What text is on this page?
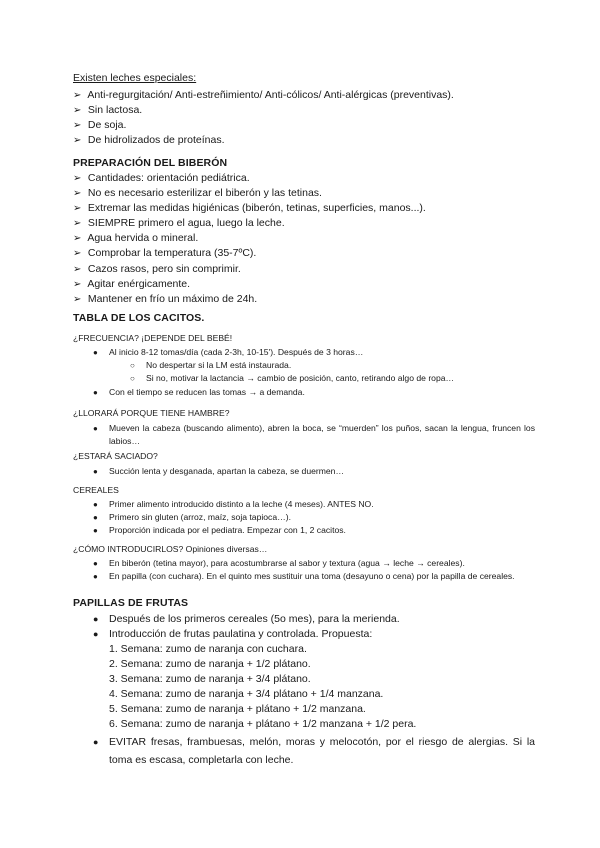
Existen leches especiales:
➢ Anti-regurgitación/ Anti-estreñimiento/ Anti-cólicos/ Anti-alérgicas (preventivas).
➢ Sin lactosa.
➢ De soja.
➢ De hidrolizados de proteínas.
PREPARACIÓN DEL BIBERÓN
➢ Cantidades: orientación pediátrica.
➢ No es necesario esterilizar el biberón y las tetinas.
➢ Extremar las medidas higiénicas (biberón, tetinas, superficies, manos...).
➢ SIEMPRE primero el agua, luego la leche.
➢ Agua hervida o mineral.
➢ Comprobar la temperatura (35-7ºC).
➢ Cazos rasos, pero sin comprimir.
➢ Agitar enérgicamente.
➢ Mantener en frío un máximo de 24h.
TABLA DE LOS CACITOS.
¿FRECUENCIA? ¡DEPENDE DEL BEBÉ!
● Al inicio 8-12 tomas/día (cada 2-3h, 10-15'). Después de 3 horas…
○ No despertar si la LM está instaurada.
○ Si no, motivar la lactancia → cambio de posición, canto, retirando algo de ropa…
● Con el tiempo se reducen las tomas → a demanda.
¿LLORARÁ PORQUE TIENE HAMBRE?
● Mueven la cabeza (buscando alimento), abren la boca, se “muerden” los puños, sacan la lengua, fruncen los labios…
¿ESTARÁ SACIADO?
● Succión lenta y desganada, apartan la cabeza, se duermen…
CEREALES
● Primer alimento introducido distinto a la leche (4 meses). ANTES NO.
● Primero sin gluten (arroz, maíz, soja tapioca…).
● Proporción indicada por el pediatra. Empezar con 1, 2 cacitos.
¿CÓMO INTRODUCIRLOS? Opiniones diversas…
● En biberón (tetina mayor), para acostumbrarse al sabor y textura (agua → leche → cereales).
● En papilla (con cuchara). En el quinto mes sustituir una toma (desayuno o cena) por la papilla de cereales.
PAPILLAS DE FRUTAS
● Después de los primeros cereales (5o mes), para la merienda.
● Introducción de frutas paulatina y controlada. Propuesta:
1. Semana: zumo de naranja con cuchara.
2. Semana: zumo de naranja + 1/2 plátano.
3. Semana: zumo de naranja + 3/4 plátano.
4. Semana: zumo de naranja + 3/4 plátano + 1/4 manzana.
5. Semana: zumo de naranja + plátano + 1/2 manzana.
6. Semana: zumo de naranja + plátano + 1/2 manzana + 1/2 pera.
● EVITAR fresas, frambuesas, melón, moras y melocotón, por el riesgo de alergias. Si la toma es escasa, completarla con leche.
